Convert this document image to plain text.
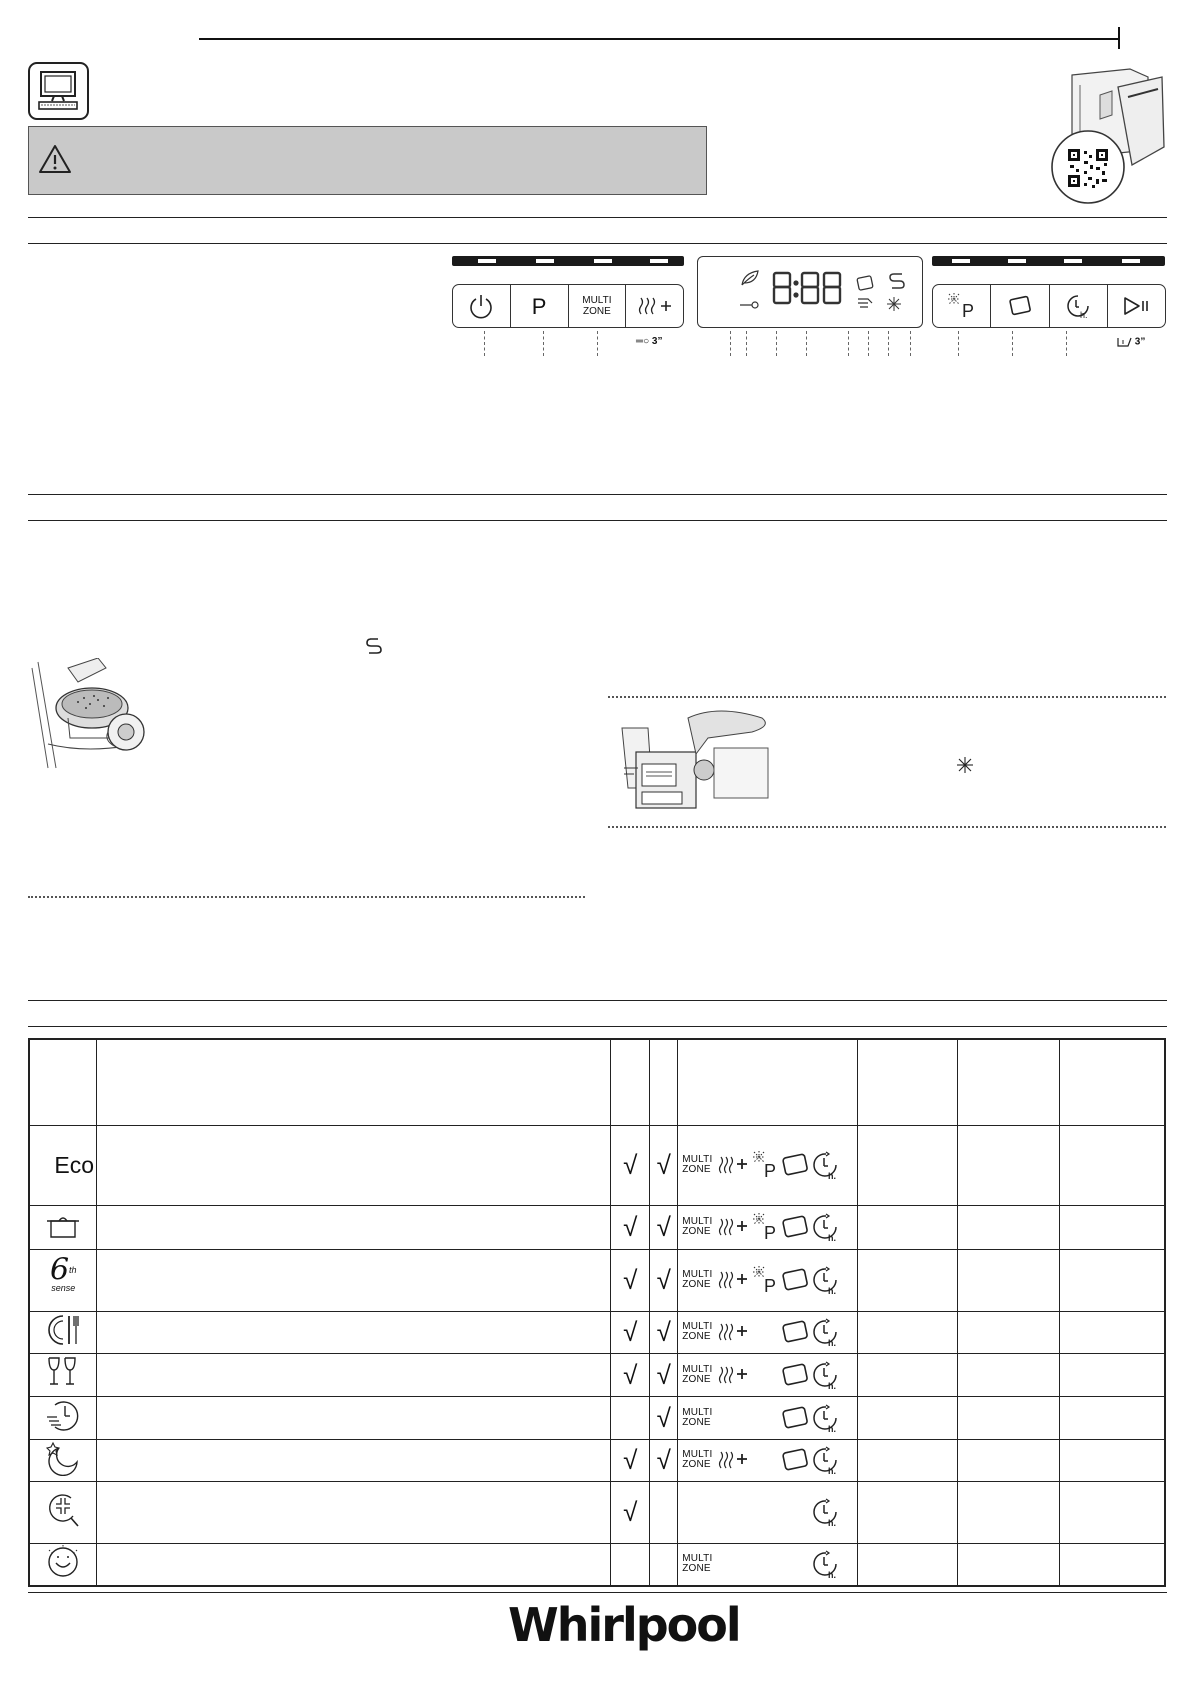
P	MULTI
ZONE
═○ 3”
P	h.
3”

Eco		√	√	MULTI
ZONE P h.			

		√	√	MULTI
ZONE P h.			

6th
sense		√	√	MULTI
ZONE P h.			

		√	√	MULTI
ZONE
h.			

		√	√	MULTI
ZONE
h.			

			√	MULTI
ZONE
h.			

		√	√	MULTI
ZONE
h.			

		√		h.			

				MULTI
ZONE
h.			

Whirlpool
